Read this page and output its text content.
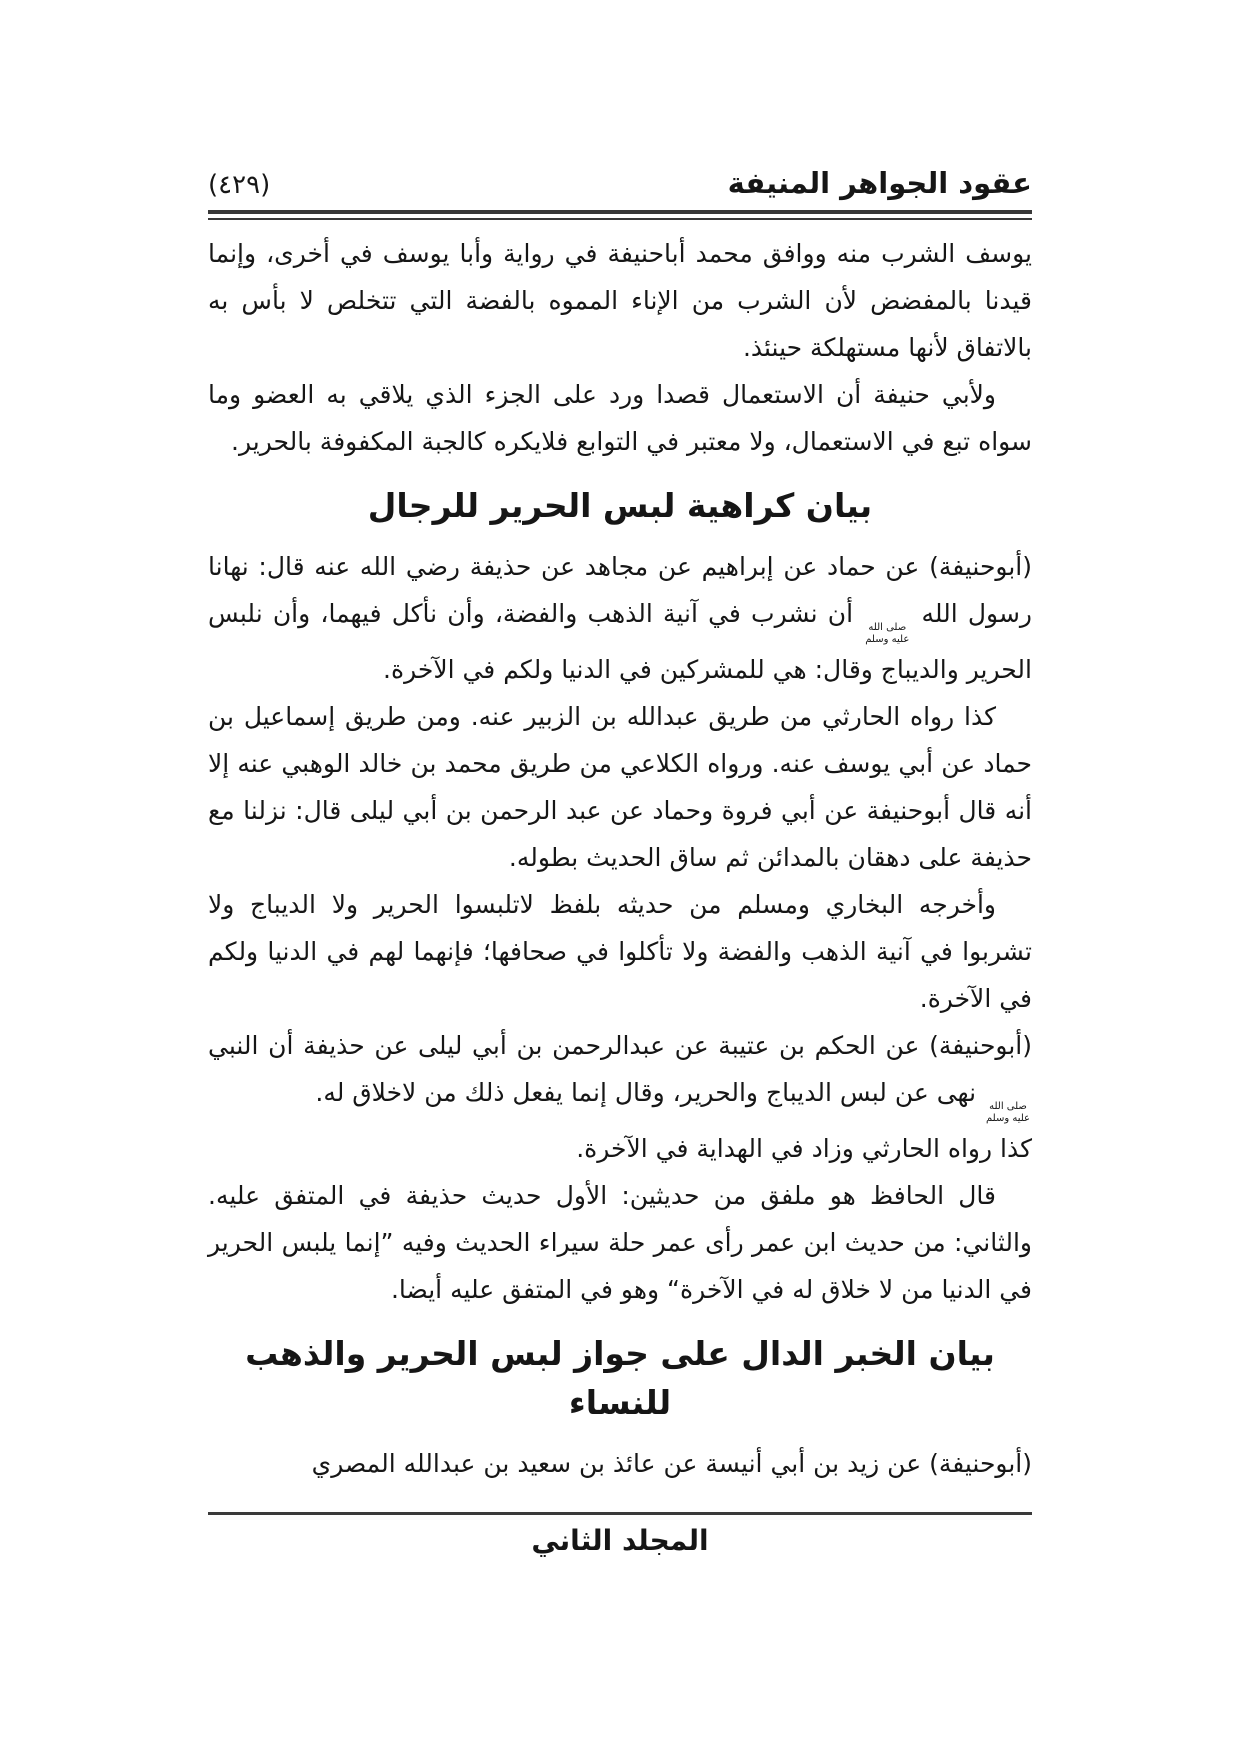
عقود الجواهر المنيفة
(٤٢٩)

يوسف الشرب منه ووافق محمد أباحنيفة في رواية وأبا يوسف في أخرى، وإنما قيدنا بالمفضض لأن الشرب من الإناء المموه بالفضة التي تتخلص لا بأس به بالاتفاق لأنها مستهلكة حينئذ.

ولأبي حنيفة أن الاستعمال قصدا ورد على الجزء الذي يلاقي به العضو وما سواه تبع في الاستعمال، ولا معتبر في التوابع فلايكره كالجبة المكفوفة بالحرير.

بيان كراهية لبس الحرير للرجال

(أبوحنيفة) عن حماد عن إبراهيم عن مجاهد عن حذيفة رضي الله عنه قال: نهانا رسول الله
صلى الله
عليه وسلم
أن نشرب في آنية الذهب والفضة، وأن نأكل فيهما، وأن نلبس الحرير والديباج وقال: هي للمشركين في الدنيا ولكم في الآخرة.

كذا رواه الحارثي من طريق عبدالله بن الزبير عنه. ومن طريق إسماعيل بن حماد عن أبي يوسف عنه. ورواه الكلاعي من طريق محمد بن خالد الوهبي عنه إلا أنه قال أبوحنيفة عن أبي فروة وحماد عن عبد الرحمن بن أبي ليلى قال: نزلنا مع حذيفة على دهقان بالمدائن ثم ساق الحديث بطوله.

وأخرجه البخاري ومسلم من حديثه بلفظ لاتلبسوا الحرير ولا الديباج ولا تشربوا في آنية الذهب والفضة ولا تأكلوا في صحافها؛ فإنهما لهم في الدنيا ولكم في الآخرة.

(أبوحنيفة) عن الحكم بن عتيبة عن عبدالرحمن بن أبي ليلى عن حذيفة أن النبي
صلى الله
عليه وسلم
نهى عن لبس الديباج والحرير، وقال إنما يفعل ذلك من لاخلاق له.

كذا رواه الحارثي وزاد في الهداية في الآخرة.

قال الحافظ هو ملفق من حديثين: الأول حديث حذيفة في المتفق عليه. والثاني: من حديث ابن عمر رأى عمر حلة سيراء الحديث وفيه ”إنما يلبس الحرير في الدنيا من لا خلاق له في الآخرة“ وهو في المتفق عليه أيضا.

بيان الخبر الدال على جواز لبس الحرير والذهب للنساء

(أبوحنيفة) عن زيد بن أبي أنيسة عن عائذ بن سعيد بن عبدالله المصري

المجلد الثاني
